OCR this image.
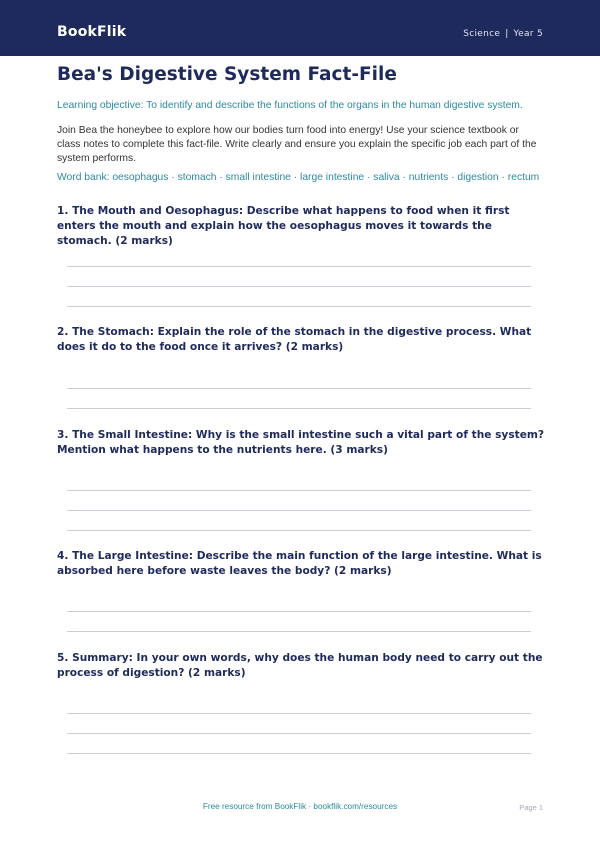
BookFlik	Science | Year 5
Bea's Digestive System Fact-File
Learning objective: To identify and describe the functions of the organs in the human digestive system.
Join Bea the honeybee to explore how our bodies turn food into energy! Use your science textbook or class notes to complete this fact-file. Write clearly and ensure you explain the specific job each part of the system performs.
Word bank: oesophagus · stomach · small intestine · large intestine · saliva · nutrients · digestion · rectum
1. The Mouth and Oesophagus: Describe what happens to food when it first enters the mouth and explain how the oesophagus moves it towards the stomach. (2 marks)
2. The Stomach: Explain the role of the stomach in the digestive process. What does it do to the food once it arrives? (2 marks)
3. The Small Intestine: Why is the small intestine such a vital part of the system? Mention what happens to the nutrients here. (3 marks)
4. The Large Intestine: Describe the main function of the large intestine. What is absorbed here before waste leaves the body? (2 marks)
5. Summary: In your own words, why does the human body need to carry out the process of digestion? (2 marks)
Free resource from BookFlik · bookflik.com/resources	Page 1
